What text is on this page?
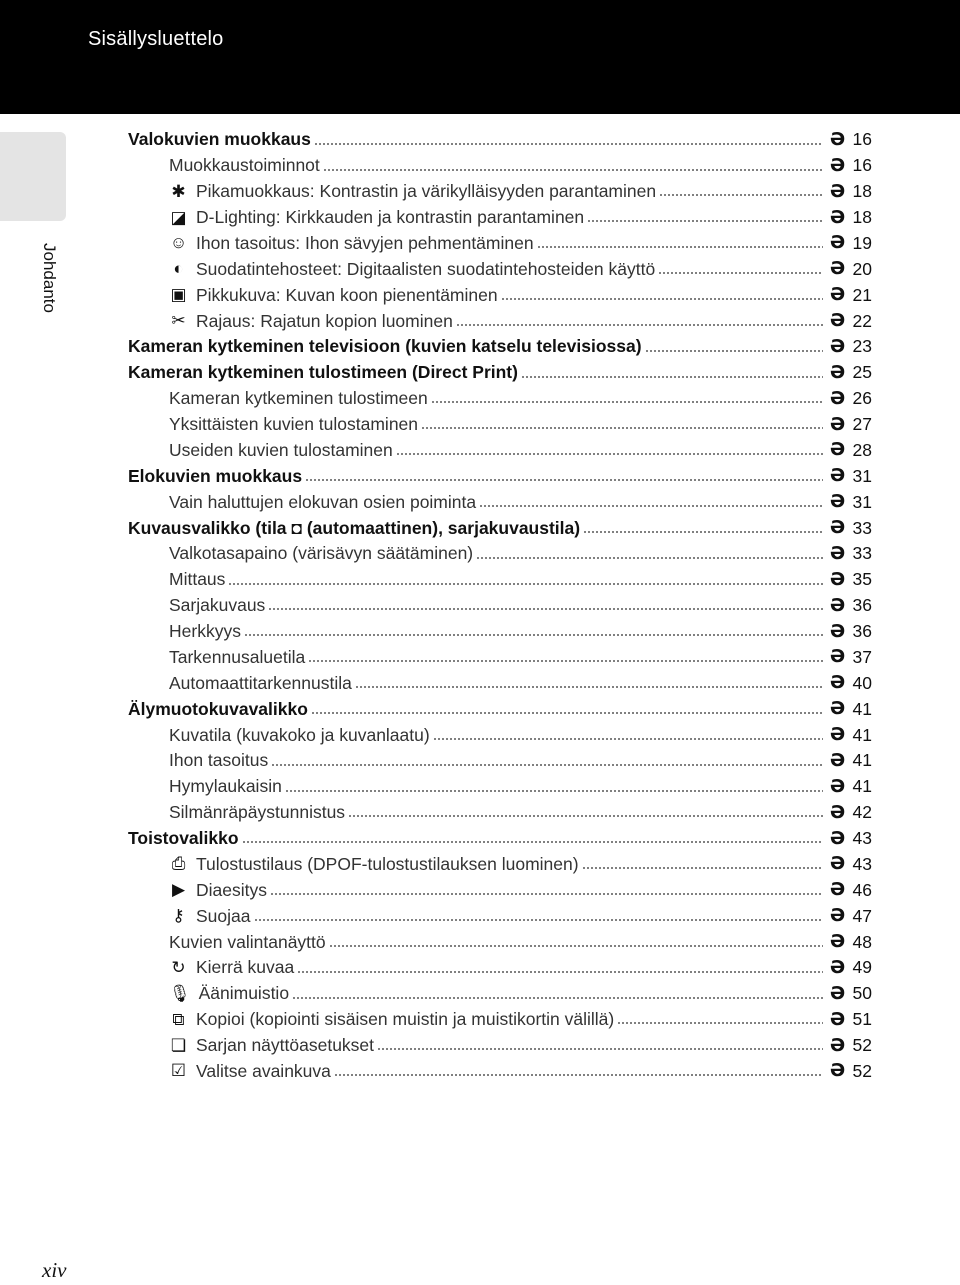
Sisällysluettelo
Johdanto
Valokuvien muokkaus	Ə 16
Muokkaustoiminnot	Ə 16
✱ Pikamuokkaus: Kontrastin ja värikylläisyyden parantaminen	Ə 18
◪ D-Lighting: Kirkkauden ja kontrastin parantaminen	Ə 18
☺ Ihon tasoitus: Ihon sävyjen pehmentäminen	Ə 19
◐ Suodatintehosteet: Digitaalisten suodatintehosteiden käyttö	Ə 20
▣ Pikkukuva: Kuvan koon pienentäminen	Ə 21
✂ Rajaus: Rajatun kopion luominen	Ə 22
Kameran kytkeminen televisioon (kuvien katselu televisiossa)	Ə 23
Kameran kytkeminen tulostimeen (Direct Print)	Ə 25
Kameran kytkeminen tulostimeen	Ə 26
Yksittäisten kuvien tulostaminen	Ə 27
Useiden kuvien tulostaminen	Ə 28
Elokuvien muokkaus	Ə 31
Vain haluttujen elokuvan osien poiminta	Ə 31
Kuvausvalikko (tila ◘ (automaattinen), sarjakuvaustila)	Ə 33
Valkotasapaino (värisävyn säätäminen)	Ə 33
Mittaus	Ə 35
Sarjakuvaus	Ə 36
Herkkyys	Ə 36
Tarkennusaluetila	Ə 37
Automaattitarkennustila	Ə 40
Älymuotokuvavalikko	Ə 41
Kuvatila (kuvakoko ja kuvanlaatu)	Ə 41
Ihon tasoitus	Ə 41
Hymylaukaisin	Ə 41
Silmänräpäystunnistus	Ə 42
Toistovalikko	Ə 43
⎙ Tulostustilaus (DPOF-tulostustilauksen luominen)	Ə 43
▶ Diaesitys	Ə 46
⚷ Suojaa	Ə 47
Kuvien valintanäyttö	Ə 48
↻ Kierrä kuvaa	Ə 49
🎙 Äänimuistio	Ə 50
⧉ Kopioi (kopiointi sisäisen muistin ja muistikortin välillä)	Ə 51
❏ Sarjan näyttöasetukset	Ə 52
☑ Valitse avainkuva	Ə 52
xiv
